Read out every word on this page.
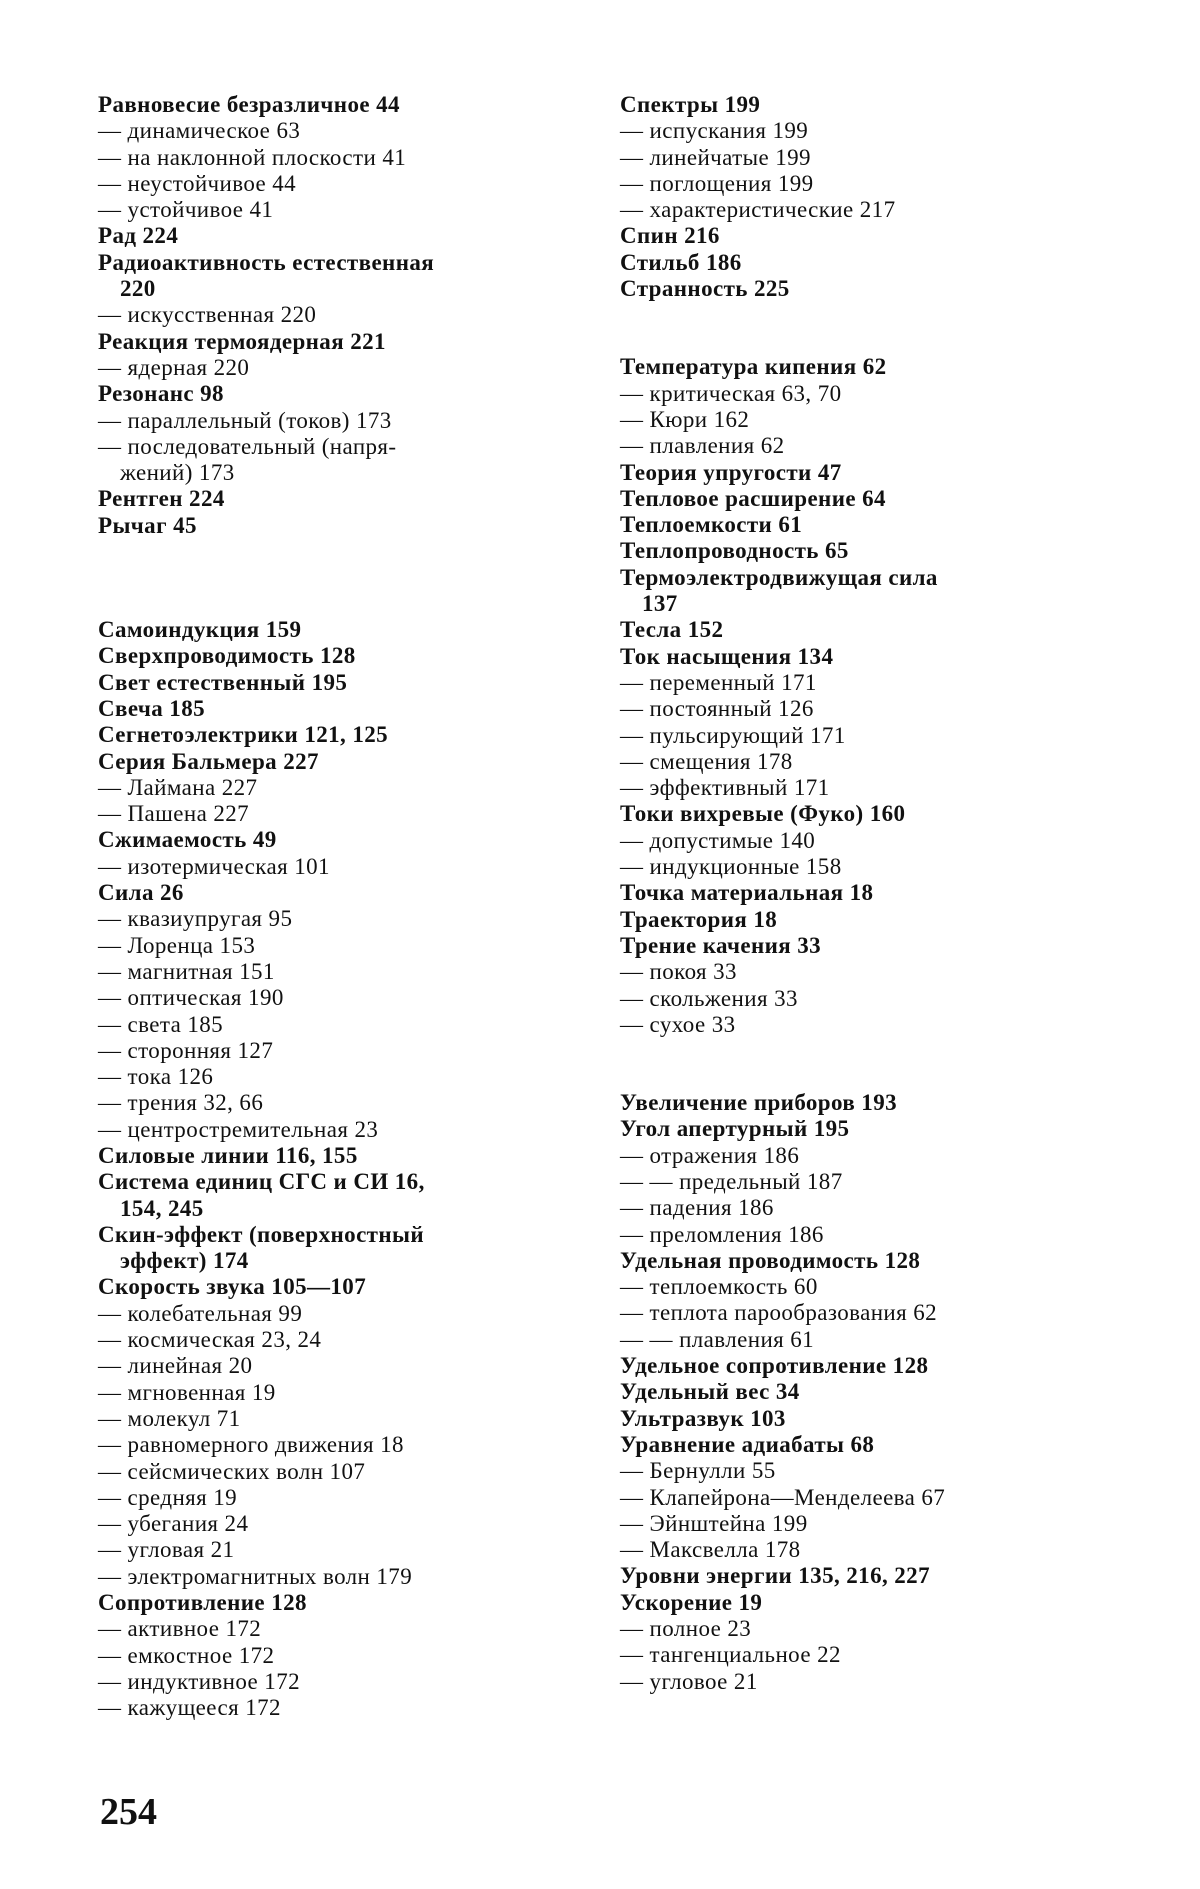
Равновесие безразличное 44
— динамическое 63
— на наклонной плоскости 41
— неустойчивое 44
— устойчивое 41
Рад 224
Радиоактивность естественная
220
— искусственная 220
Реакция термоядерная 221
— ядерная 220
Резонанс 98
— параллельный (токов) 173
— последовательный (напря-
жений) 173
Рентген 224
Рычаг 45
Самоиндукция 159
Сверхпроводимость 128
Свет естественный 195
Свеча 185
Сегнетоэлектрики 121, 125
Серия Бальмера 227
— Лаймана 227
— Пашена 227
Сжимаемость 49
— изотермическая 101
Сила 26
— квазиупругая 95
— Лоренца 153
— магнитная 151
— оптическая 190
— света 185
— сторонняя 127
— тока 126
— трения 32, 66
— центростремительная 23
Силовые линии 116, 155
Система единиц СГС и СИ 16,
154, 245
Скин-эффект (поверхностный
эффект) 174
Скорость звука 105—107
— колебательная 99
— космическая 23, 24
— линейная 20
— мгновенная 19
— молекул 71
— равномерного движения 18
— сейсмических волн 107
— средняя 19
— убегания 24
— угловая 21
— электромагнитных волн 179
Сопротивление 128
— активное 172
— емкостное 172
— индуктивное 172
— кажущееся 172
Спектры 199
— испускания 199
— линейчатые 199
— поглощения 199
— характеристические 217
Спин 216
Стильб 186
Странность 225
Температура кипения 62
— критическая 63, 70
— Кюри 162
— плавления 62
Теория упругости 47
Тепловое расширение 64
Теплоемкости 61
Теплопроводность 65
Термоэлектродвижущая сила
137
Тесла 152
Ток насыщения 134
— переменный 171
— постоянный 126
— пульсирующий 171
— смещения 178
— эффективный 171
Токи вихревые (Фуко) 160
— допустимые 140
— индукционные 158
Точка материальная 18
Траектория 18
Трение качения 33
— покоя 33
— скольжения 33
— сухое 33
Увеличение приборов 193
Угол апертурный 195
— отражения 186
— — предельный 187
— падения 186
— преломления 186
Удельная проводимость 128
— теплоемкость 60
— теплота парообразования 62
— — плавления 61
Удельное сопротивление 128
Удельный вес 34
Ультразвук 103
Уравнение адиабаты 68
— Бернулли 55
— Клапейрона—Менделеева 67
— Эйнштейна 199
— Максвелла 178
Уровни энергии 135, 216, 227
Ускорение 19
— полное 23
— тангенциальное 22
— угловое 21
254
